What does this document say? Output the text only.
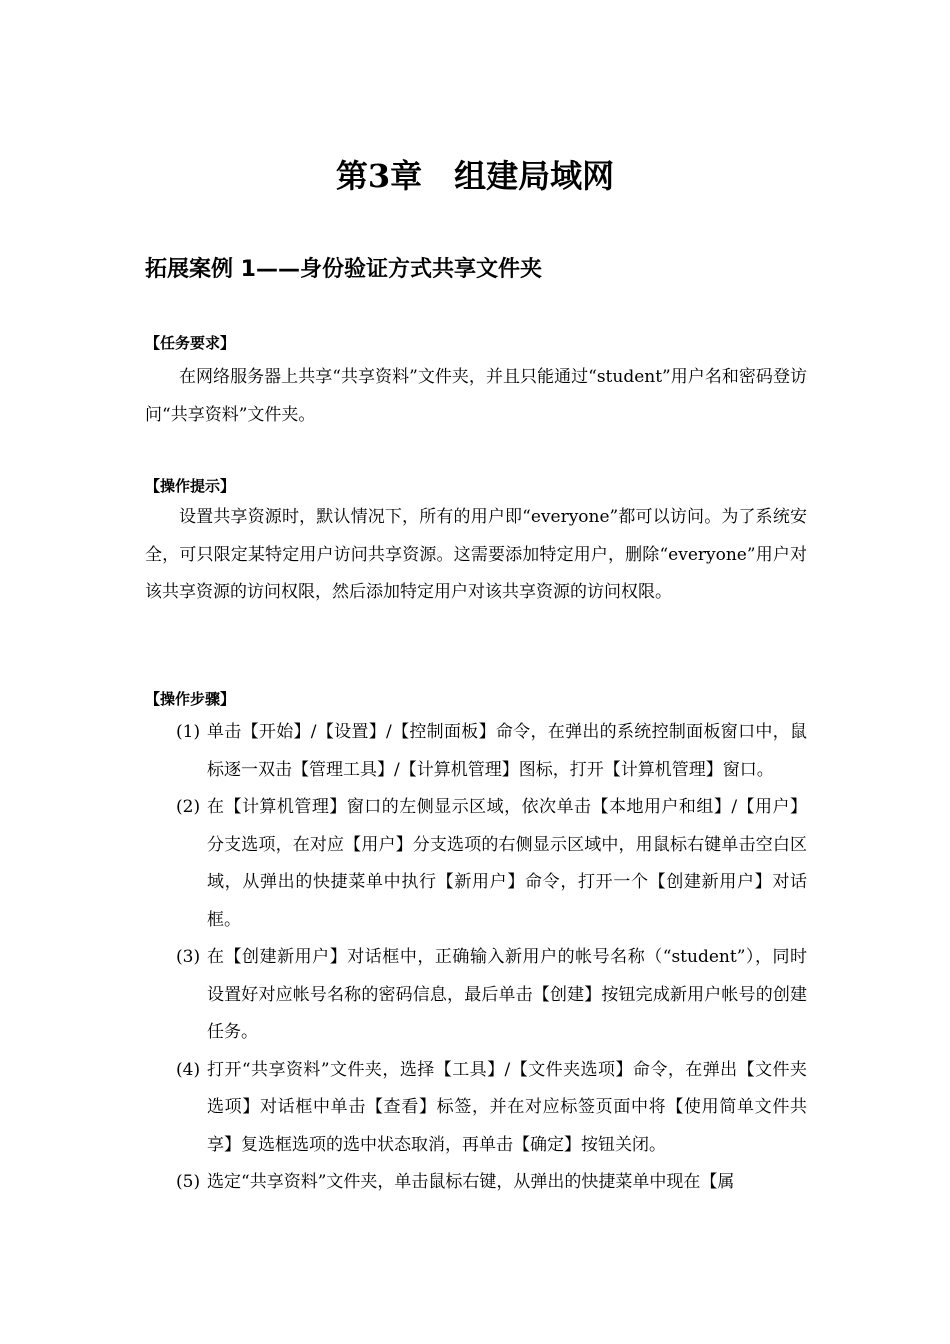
第3章　组建局域网
拓展案例 1——身份验证方式共享文件夹
【任务要求】

在网络服务器上共享“共享资料”文件夹，并且只能通过“student”用户名和密码登访问“共享资料”文件夹。

【操作提示】

设置共享资源时，默认情况下，所有的用户即“everyone”都可以访问。为了系统安全，可只限定某特定用户访问共享资源。这需要添加特定用户，删除“everyone”用户对该共享资源的访问权限，然后添加特定用户对该共享资源的访问权限。

【操作步骤】
(1) 单击【开始】/【设置】/【控制面板】命令，在弹出的系统控制面板窗口中，鼠标逐一双击【管理工具】/【计算机管理】图标，打开【计算机管理】窗口。
(2) 在【计算机管理】窗口的左侧显示区域，依次单击【本地用户和组】/【用户】分支选项，在对应【用户】分支选项的右侧显示区域中，用鼠标右键单击空白区域，从弹出的快捷菜单中执行【新用户】命令，打开一个【创建新用户】对话框。
(3) 在【创建新用户】对话框中，正确输入新用户的帐号名称（“student”），同时设置好对应帐号名称的密码信息，最后单击【创建】按钮完成新用户帐号的创建任务。
(4) 打开“共享资料”文件夹，选择【工具】/【文件夹选项】命令，在弹出【文件夹选项】对话框中单击【查看】标签，并在对应标签页面中将【使用简单文件共享】复选框选项的选中状态取消，再单击【确定】按钮关闭。
(5) 选定“共享资料”文件夹，单击鼠标右键，从弹出的快捷菜单中现在【属
